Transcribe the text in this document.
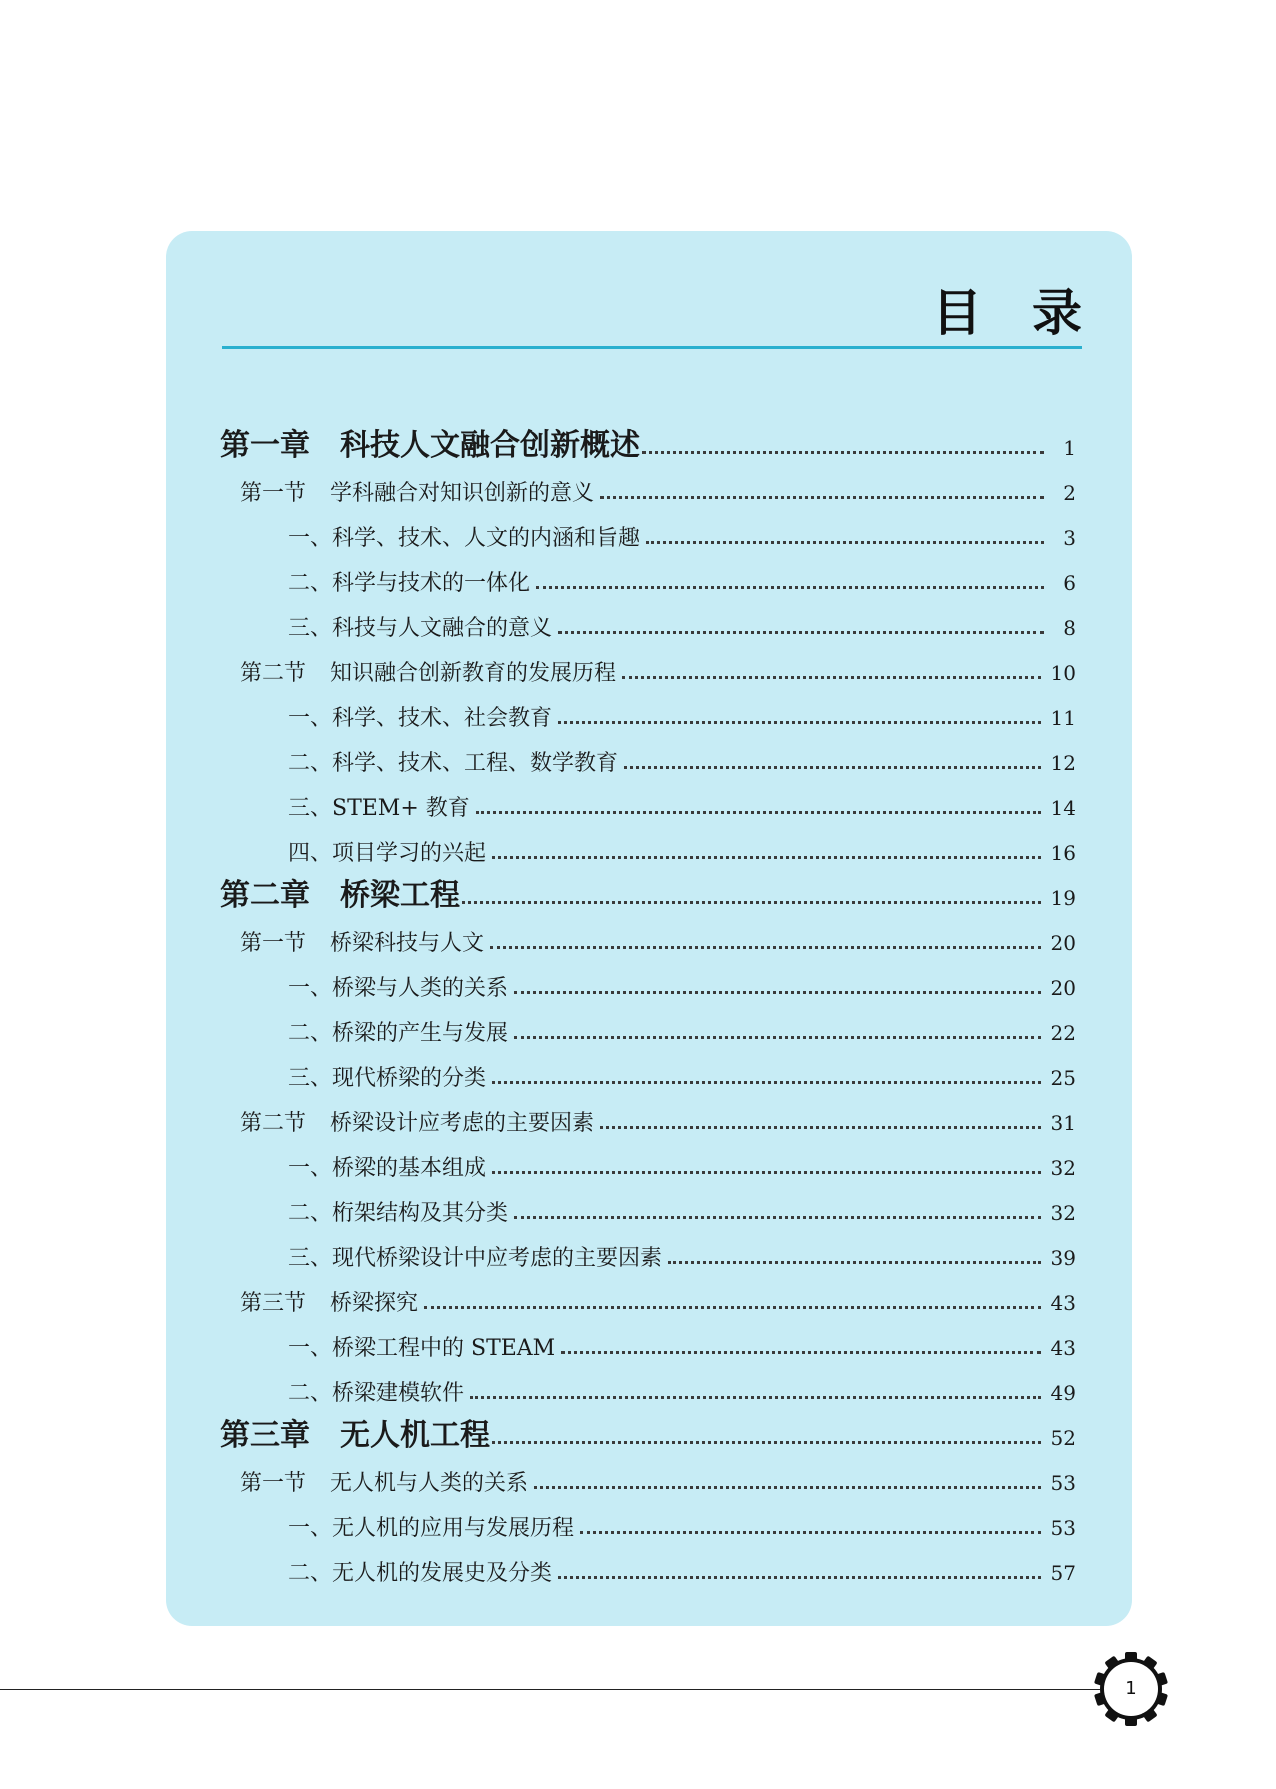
目录
第一章 科技人文融合创新概述	1
第一节 学科融合对知识创新的意义	2
一、科学、技术、人文的内涵和旨趣	3
二、科学与技术的一体化	6
三、科技与人文融合的意义	8
第二节 知识融合创新教育的发展历程	10
一、科学、技术、社会教育	11
二、科学、技术、工程、数学教育	12
三、STEM+ 教育	14
四、项目学习的兴起	16
第二章 桥梁工程	19
第一节 桥梁科技与人文	20
一、桥梁与人类的关系	20
二、桥梁的产生与发展	22
三、现代桥梁的分类	25
第二节 桥梁设计应考虑的主要因素	31
一、桥梁的基本组成	32
二、桁架结构及其分类	32
三、现代桥梁设计中应考虑的主要因素	39
第三节 桥梁探究	43
一、桥梁工程中的 STEAM	43
二、桥梁建模软件	49
第三章 无人机工程	52
第一节 无人机与人类的关系	53
一、无人机的应用与发展历程	53
二、无人机的发展史及分类	57
1
